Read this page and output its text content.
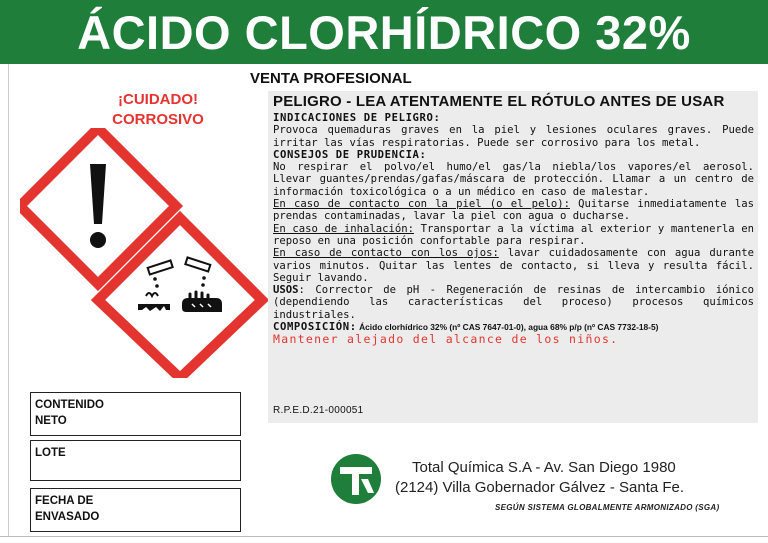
ÁCIDO CLORHÍDRICO 32%
VENTA PROFESIONAL
¡CUIDADO!
CORROSIVO
PELIGRO - LEA ATENTAMENTE EL RÓTULO ANTES DE USAR

INDICACIONES DE PELIGRO:

Provoca quemaduras graves en la piel y lesiones oculares graves. Puede irritar las vías respiratorias. Puede ser corrosivo para los metal.

CONSEJOS DE PRUDENCIA:

No respirar el polvo/el humo/el gas/la niebla/los vapores/el aerosol. Llevar guantes/prendas/gafas/máscara de protección. Llamar a un centro de información toxicológica o a un médico en caso de malestar.

En caso de contacto con la piel (o el pelo): Quitarse inmediatamente las prendas contaminadas, lavar la piel con agua o ducharse.

En caso de inhalación: Transportar a la víctima al exterior y mantenerla en reposo en una posición confortable para respirar.

En caso de contacto con los ojos: lavar cuidadosamente con agua durante varios minutos. Quitar las lentes de contacto, si lleva y resulta fácil. Seguir lavando.

USOS: Corrector de pH - Regeneración de resinas de intercambio iónico (dependiendo las características del proceso) procesos químicos industriales.

COMPOSICIÓN: Ácido clorhídrico 32% (nº CAS 7647-01-0), agua 68% p/p (nº CAS 7732-18-5)

Mantener alejado del alcance de los niños.

R.P.E.D.21-000051
CONTENIDO
NETO
LOTE
FECHA DE
ENVASADO
Total Química S.A - Av. San Diego 1980
(2124) Villa Gobernador Gálvez - Santa Fe.
SEGÚN SISTEMA GLOBALMENTE ARMONIZADO (SGA)
